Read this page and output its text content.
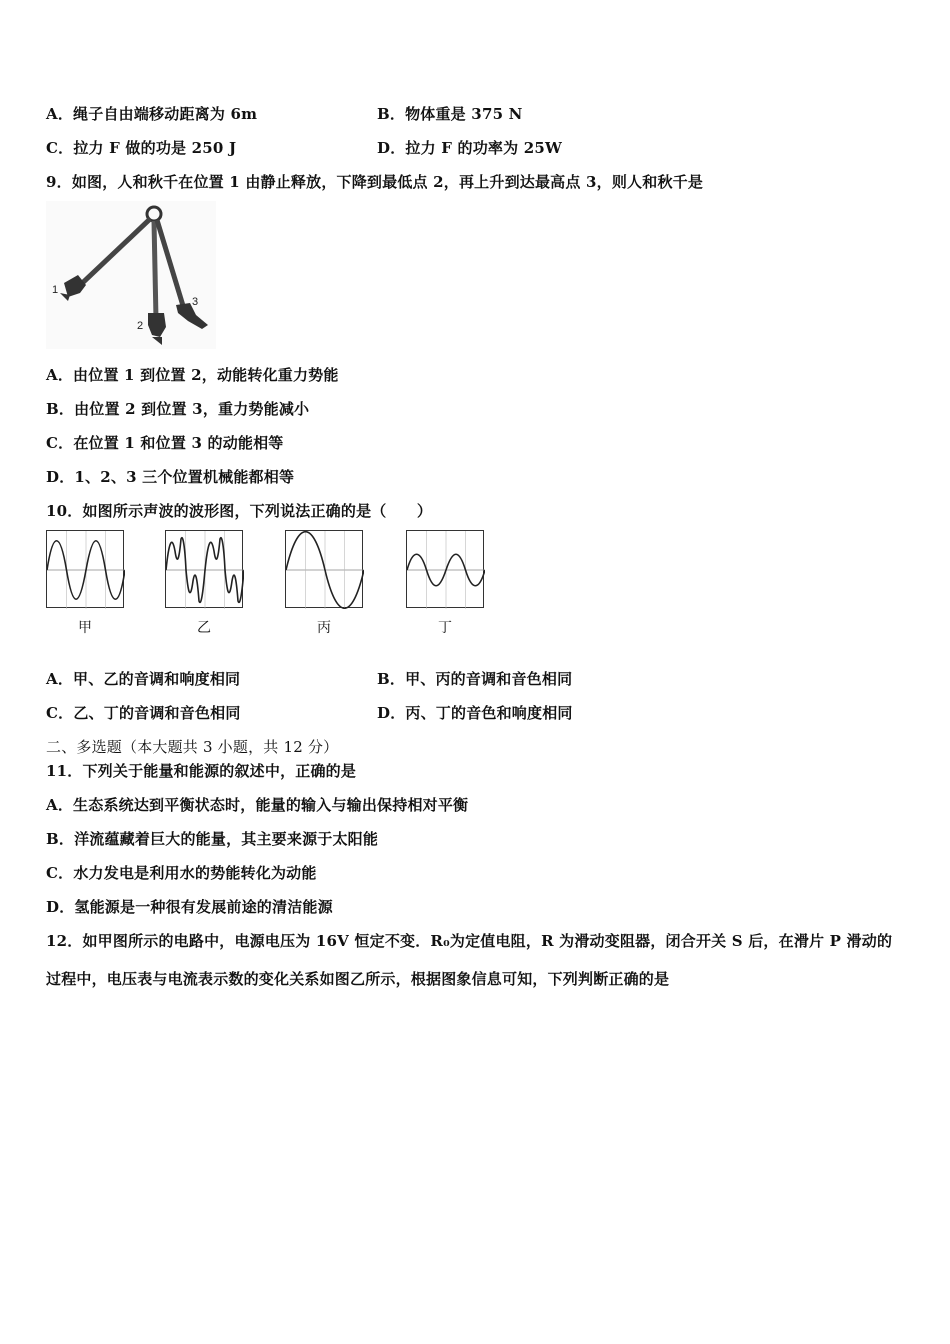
A．绳子自由端移动距离为 6m	B．物体重是 375 N
C．拉力 F 做的功是 250 J	D．拉力 F 的功率为 25W
9．如图，人和秋千在位置 1 由静止释放，下降到最低点 2，再上升到达最高点 3，则人和秋千是
1
2
3
A．由位置 1 到位置 2，动能转化重力势能
B．由位置 2 到位置 3，重力势能减小
C．在位置 1 和位置 3 的动能相等
D．1、2、3 三个位置机械能都相等
10．如图所示声波的波形图，下列说法正确的是（　　）
甲	乙	丙	丁
A．甲、乙的音调和响度相同	B．甲、丙的音调和音色相同
C．乙、丁的音调和音色相同	D．丙、丁的音色和响度相同
二、多选题（本大题共 3 小题，共 12 分）
11．下列关于能量和能源的叙述中，正确的是
A．生态系统达到平衡状态时，能量的输入与输出保持相对平衡
B．洋流蕴藏着巨大的能量，其主要来源于太阳能
C．水力发电是利用水的势能转化为动能
D．氢能源是一种很有发展前途的清洁能源
12．如甲图所示的电路中，电源电压为 16V 恒定不变．R₀为定值电阻，R 为滑动变阻器，闭合开关 S 后，在滑片 P 滑动的过程中，电压表与电流表示数的变化关系如图乙所示，根据图象信息可知，下列判断正确的是
